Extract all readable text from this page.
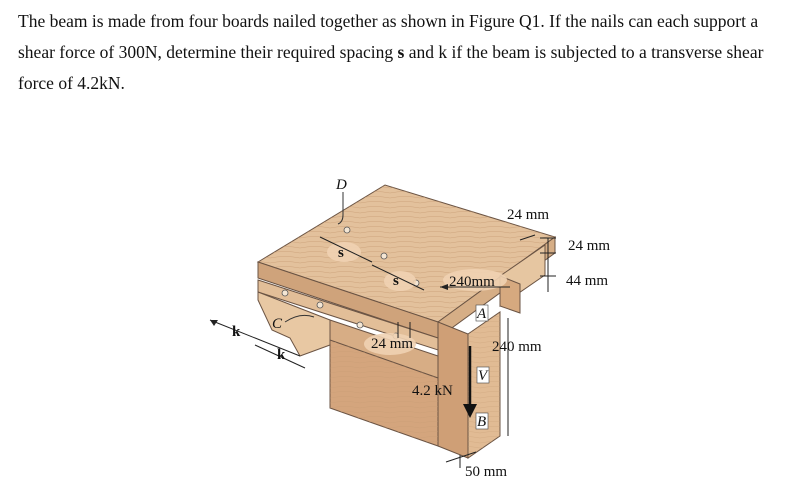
The beam is made from four boards nailed together as shown in Figure Q1. If the nails can each support a shear force of 300N, determine their required spacing s and k if the beam is subjected to a transverse shear force of 4.2kN.

D
s
s
k
k
C
240mm
24 mm
24 mm
44 mm
24 mm
A
240 mm
V
4.2 kN
B
50 mm
